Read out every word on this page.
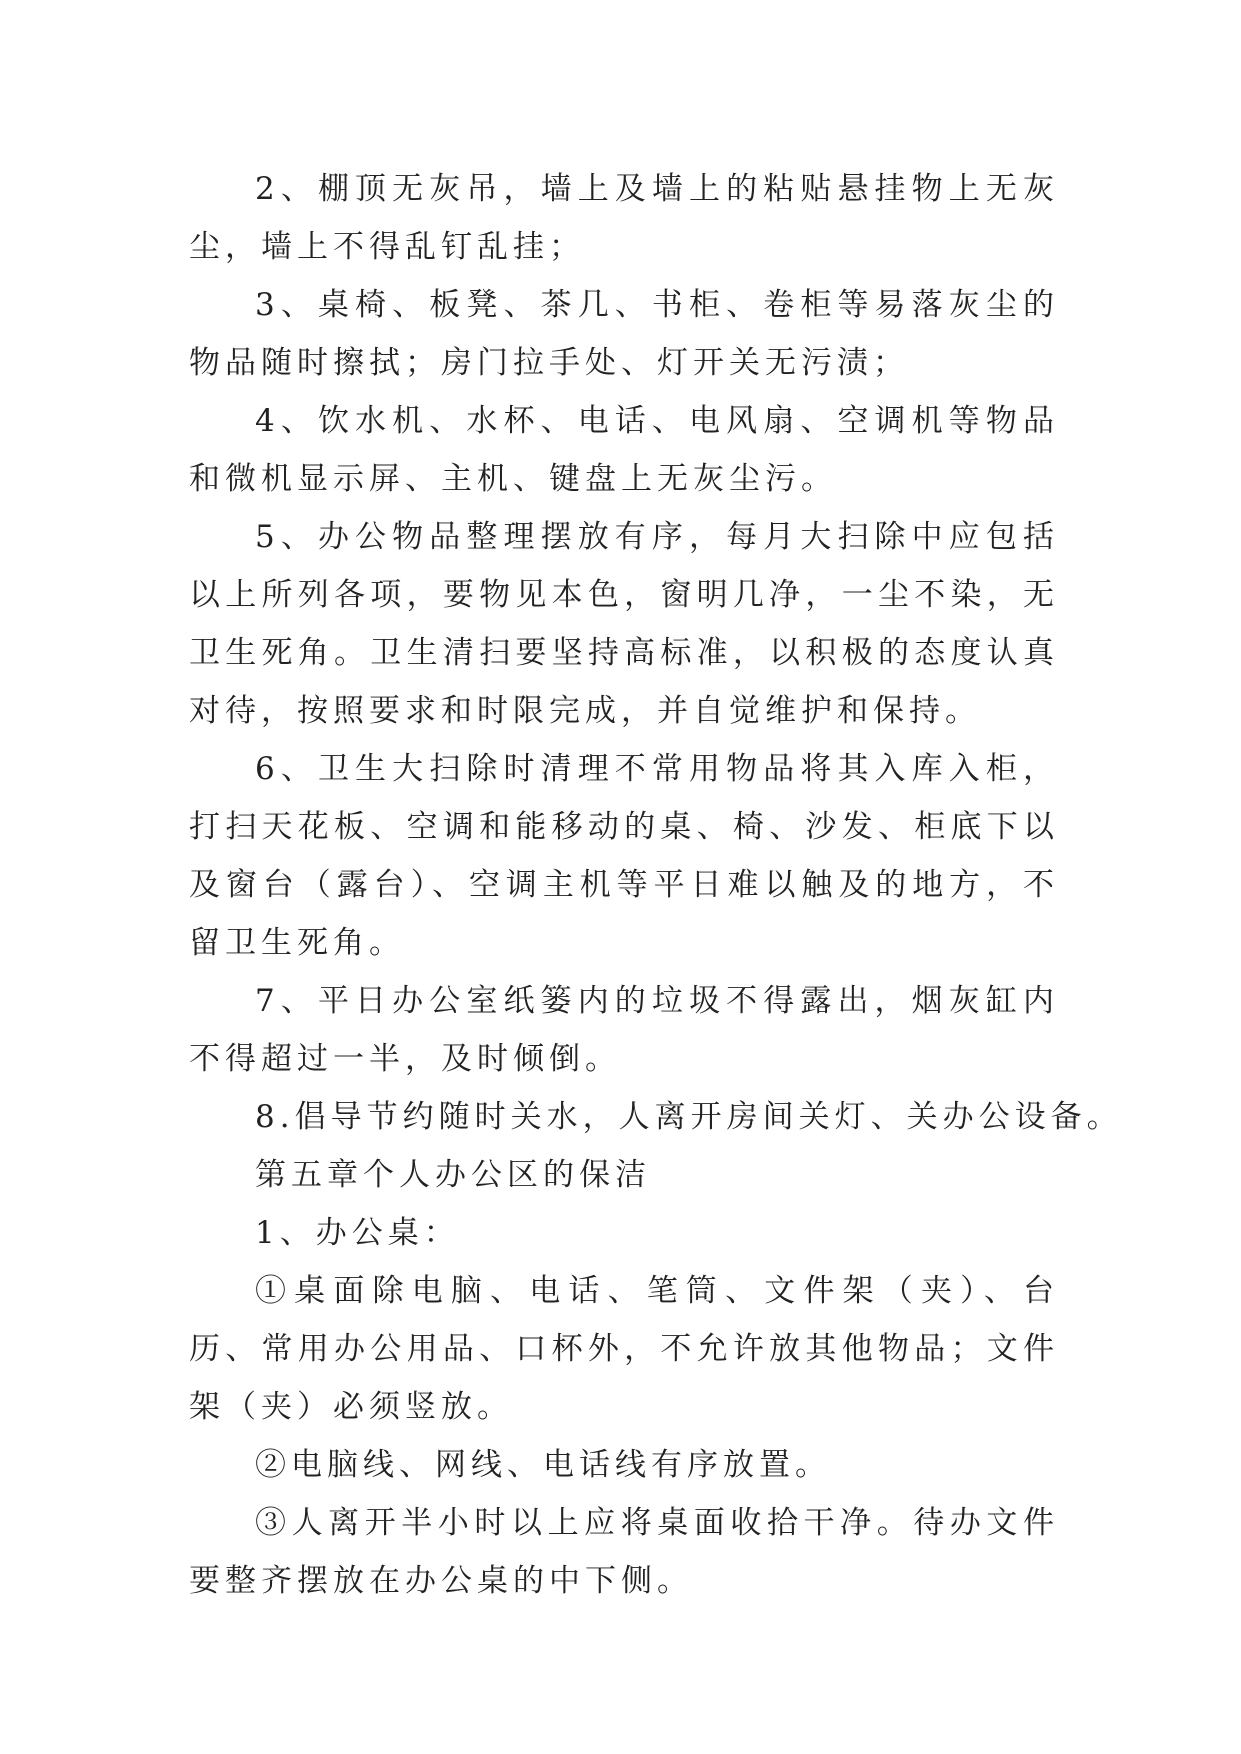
2、棚顶无灰吊，墙上及墙上的粘贴悬挂物上无灰尘，墙上不得乱钉乱挂；

3、桌椅、板凳、茶几、书柜、卷柜等易落灰尘的物品随时擦拭；房门拉手处、灯开关无污渍；

4、饮水机、水杯、电话、电风扇、空调机等物品和微机显示屏、主机、键盘上无灰尘污。

5、办公物品整理摆放有序，每月大扫除中应包括以上所列各项，要物见本色，窗明几净，一尘不染，无卫生死角。卫生清扫要坚持高标准，以积极的态度认真对待，按照要求和时限完成，并自觉维护和保持。

6、卫生大扫除时清理不常用物品将其入库入柜，打扫天花板、空调和能移动的桌、椅、沙发、柜底下以及窗台（露台）、空调主机等平日难以触及的地方，不留卫生死角。

7、平日办公室纸篓内的垃圾不得露出，烟灰缸内不得超过一半，及时倾倒。

8.倡导节约随时关水，人离开房间关灯、关办公设备。

第五章个人办公区的保洁

1、办公桌：

①桌面除电脑、电话、笔筒、文件架（夹）、台历、常用办公用品、口杯外，不允许放其他物品；文件架（夹）必须竖放。

②电脑线、网线、电话线有序放置。

③人离开半小时以上应将桌面收拾干净。待办文件要整齐摆放在办公桌的中下侧。
